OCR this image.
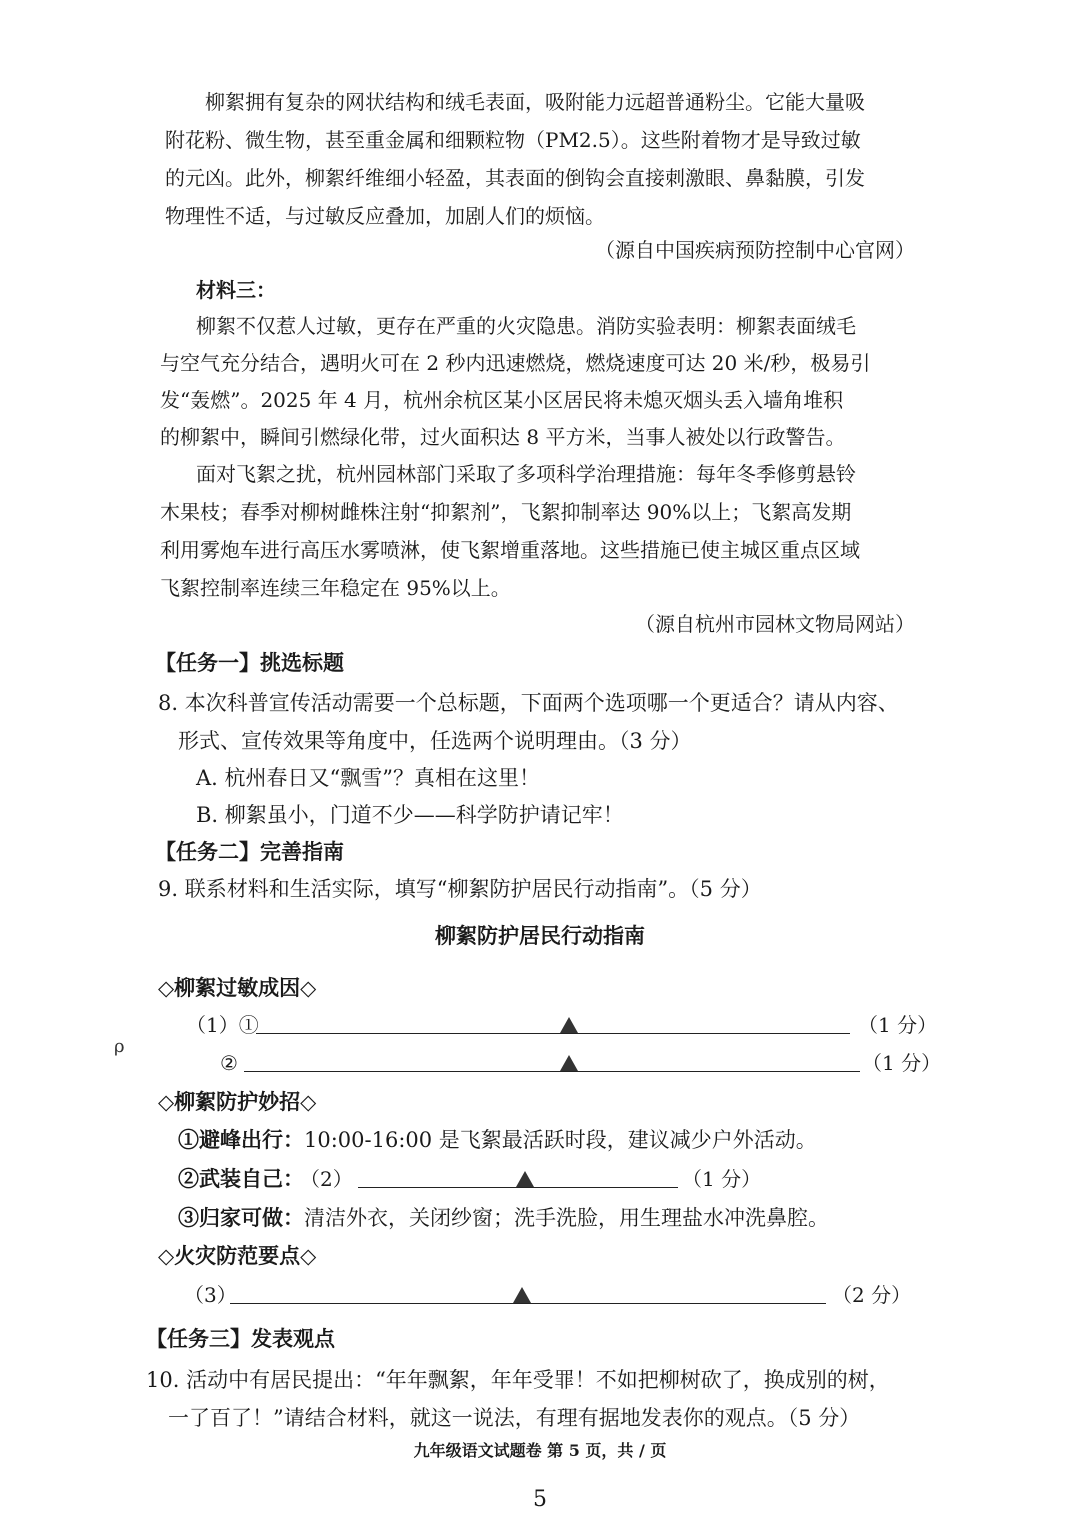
柳絮拥有复杂的网状结构和绒毛表面，吸附能力远超普通粉尘。它能大量吸
附花粉、微生物，甚至重金属和细颗粒物（PM2.5）。这些附着物才是导致过敏
的元凶。此外，柳絮纤维细小轻盈，其表面的倒钩会直接刺激眼、鼻黏膜，引发
物理性不适，与过敏反应叠加，加剧人们的烦恼。
（源自中国疾病预防控制中心官网）
材料三：
柳絮不仅惹人过敏，更存在严重的火灾隐患。消防实验表明：柳絮表面绒毛
与空气充分结合，遇明火可在 2 秒内迅速燃烧，燃烧速度可达 20 米/秒，极易引
发“轰燃”。2025 年 4 月，杭州余杭区某小区居民将未熄灭烟头丢入墙角堆积
的柳絮中，瞬间引燃绿化带，过火面积达 8 平方米，当事人被处以行政警告。
面对飞絮之扰，杭州园林部门采取了多项科学治理措施：每年冬季修剪悬铃
木果枝；春季对柳树雌株注射“抑絮剂”，飞絮抑制率达 90%以上；飞絮高发期
利用雾炮车进行高压水雾喷淋，使飞絮增重落地。这些措施已使主城区重点区域
飞絮控制率连续三年稳定在 95%以上。
（源自杭州市园林文物局网站）
【任务一】挑选标题
8. 本次科普宣传活动需要一个总标题，下面两个选项哪一个更适合？请从内容、
形式、宣传效果等角度中，任选两个说明理由。（3 分）
A. 杭州春日又“飘雪”？真相在这里！
B. 柳絮虽小，门道不少——科学防护请记牢！
【任务二】完善指南
9. 联系材料和生活实际，填写“柳絮防护居民行动指南”。（5 分）
柳絮防护居民行动指南
◇柳絮过敏成因◇
（1）①	（1 分）
②	（1 分）
ρ
◇柳絮防护妙招◇
①避峰出行：10:00-16:00 是飞絮最活跃时段，建议减少户外活动。
②武装自己：
（2）	（1 分）
③归家可做：清洁外衣，关闭纱窗；洗手洗脸，用生理盐水冲洗鼻腔。
◇火灾防范要点◇
（3）	（2 分）
【任务三】发表观点
10. 活动中有居民提出：“年年飘絮，年年受罪！不如把柳树砍了，换成别的树，
一了百了！”请结合材料，就这一说法，有理有据地发表你的观点。（5 分）
九年级语文试题卷 第 5 页，共 / 页
5
